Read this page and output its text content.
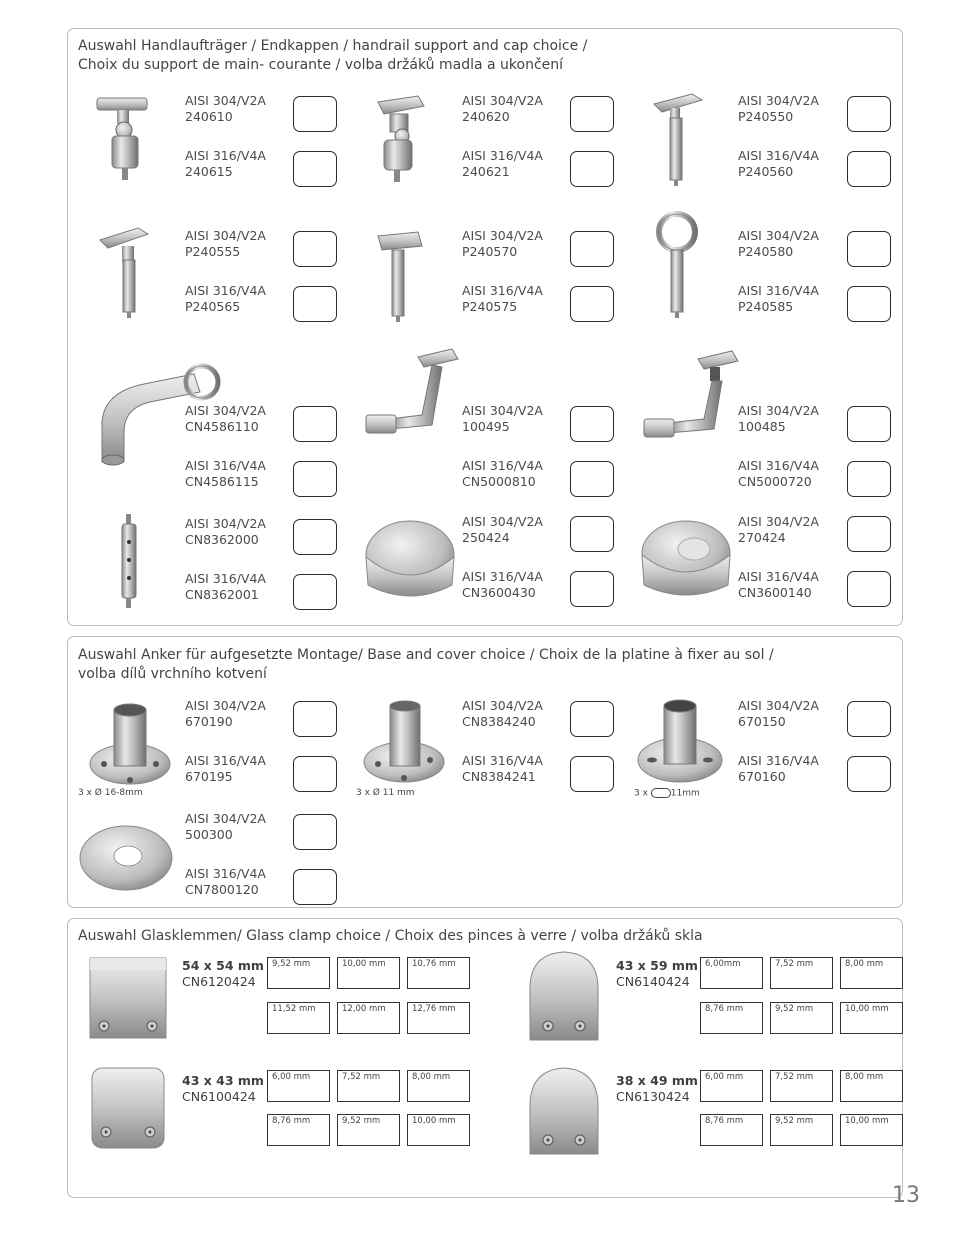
Auswahl Handlaufträger / Endkappen / handrail support and cap choice /
Choix du support de main- courante / volba držáků madla a ukončení
AISI 304/V2A
240610
AISI 304/V2A
240620
AISI 304/V2A
P240550
AISI 316/V4A
240615
AISI 316/V4A
240621
AISI 316/V4A
P240560
AISI 304/V2A
P240555
AISI 304/V2A
P240570
AISI 304/V2A
P240580
AISI 316/V4A
P240565
AISI 316/V4A
P240575
AISI 316/V4A
P240585
AISI 304/V2A
CN4586110
AISI 304/V2A
100495
AISI 304/V2A
100485
AISI 316/V4A
CN4586115
AISI 316/V4A
CN5000810
AISI 316/V4A
CN5000720
AISI 304/V2A
CN8362000
AISI 304/V2A
250424
AISI 304/V2A
270424
AISI 316/V4A
CN8362001
AISI 316/V4A
CN3600430
AISI 316/V4A
CN3600140
Auswahl Anker für aufgesetzte Montage/ Base and cover choice / Choix de la platine à fixer au sol /
volba dílů vrchního kotvení
3 x Ø 16-8mm	3 x Ø 11 mm	3 x	11mm
AISI 304/V2A
670190
AISI 304/V2A
CN8384240
AISI 304/V2A
670150
AISI 316/V4A
670195
AISI 316/V4A
CN8384241
AISI 316/V4A
670160
AISI 304/V2A
500300
AISI 316/V4A
CN7800120
Auswahl Glasklemmen/ Glass clamp choice / Choix des pinces à verre / volba držáků skla
54 x 54 mm
CN6120424
9,52 mm	10,00 mm	10,76 mm
11,52 mm	12,00 mm	12,76 mm
43 x 59 mm
CN6140424
6,00mm	7,52 mm	8,00 mm
8,76 mm	9,52 mm	10,00 mm
43 x 43 mm
CN6100424
6,00 mm	7,52 mm	8,00 mm
8,76 mm	9,52 mm	10,00 mm
38 x 49 mm
CN6130424
6,00 mm	7,52 mm	8,00 mm
8,76 mm	9,52 mm	10,00 mm
13
